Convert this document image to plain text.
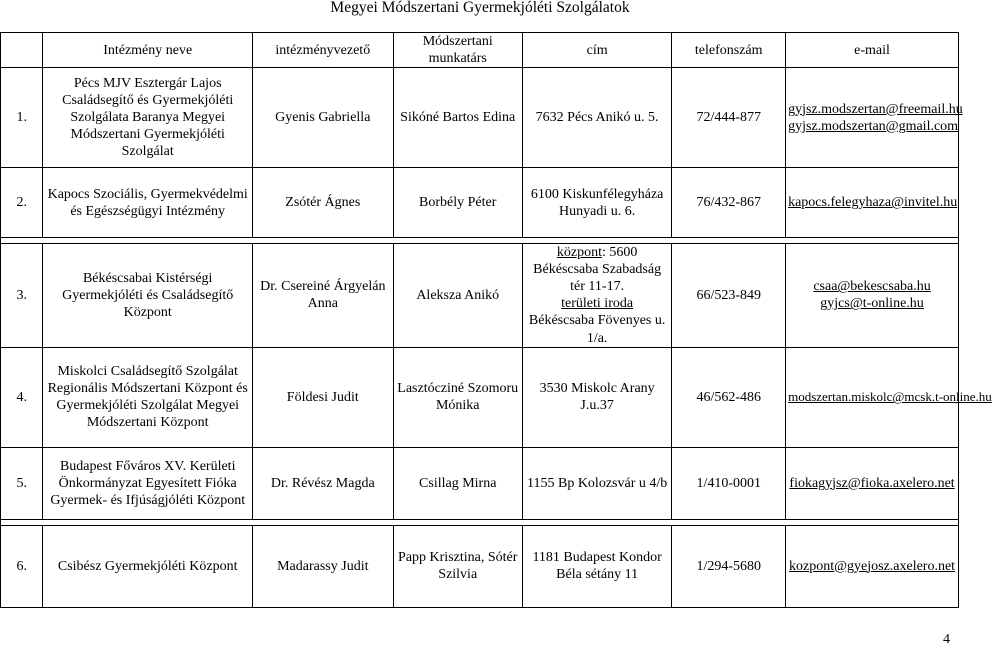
Megyei Módszertani Gyermekjóléti Szolgálatok
	Intézmény neve	intézményvezető	Módszertani munkatárs	cím	telefonszám	e-mail
1.	Pécs MJV Esztergár Lajos Családsegítő és Gyermekjóléti Szolgálata Baranya Megyei Módszertani Gyermekjóléti Szolgálat	Gyenis Gabriella	Sikóné Bartos Edina	7632 Pécs Anikó u. 5.	72/444-877	gyjsz.modszertan@freemail.hu
gyjsz.modszertan@gmail.com

2.	Kapocs Szociális, Gyermekvédelmi és Egészségügyi Intézmény	Zsótér Ágnes	Borbély Péter	6100 Kiskunfélegyháza Hunyadi u. 6.	76/432-867	kapocs.felegyhaza@invitel.hu

3.	Békéscsabai Kistérségi Gyermekjóléti és Családsegítő Központ	Dr. Csereiné Árgyelán Anna	Aleksza Anikó	központ: 5600 Békéscsaba Szabadság tér 11-17.
területi iroda
Békéscsaba Fövenyes u. 1/a.	66/523-849	csaa@bekescsaba.hu
gyjcs@t-online.hu

4.	Miskolci Családsegítő Szolgálat Regionális Módszertani Központ és Gyermekjóléti Szolgálat Megyei Módszertani Központ	Földesi Judit	Lasztócziné Szomoru Mónika	3530 Miskolc Arany J.u.37	46/562-486	modszertan.miskolc@mcsk.t-online.hu

5.	Budapest Főváros XV. Kerületi Önkormányzat Egyesített Fióka Gyermek- és Ifjúságjóléti Központ	Dr. Révész Magda	Csillag Mirna	1155 Bp Kolozsvár u 4/b	1/410-0001	fiokagyjsz@fioka.axelero.net

6.	Csibész Gyermekjóléti Központ	Madarassy Judit	Papp Krisztina, Sótér Szilvia	1181 Budapest Kondor Béla sétány 11	1/294-5680	kozpont@gyejosz.axelero.net
4
